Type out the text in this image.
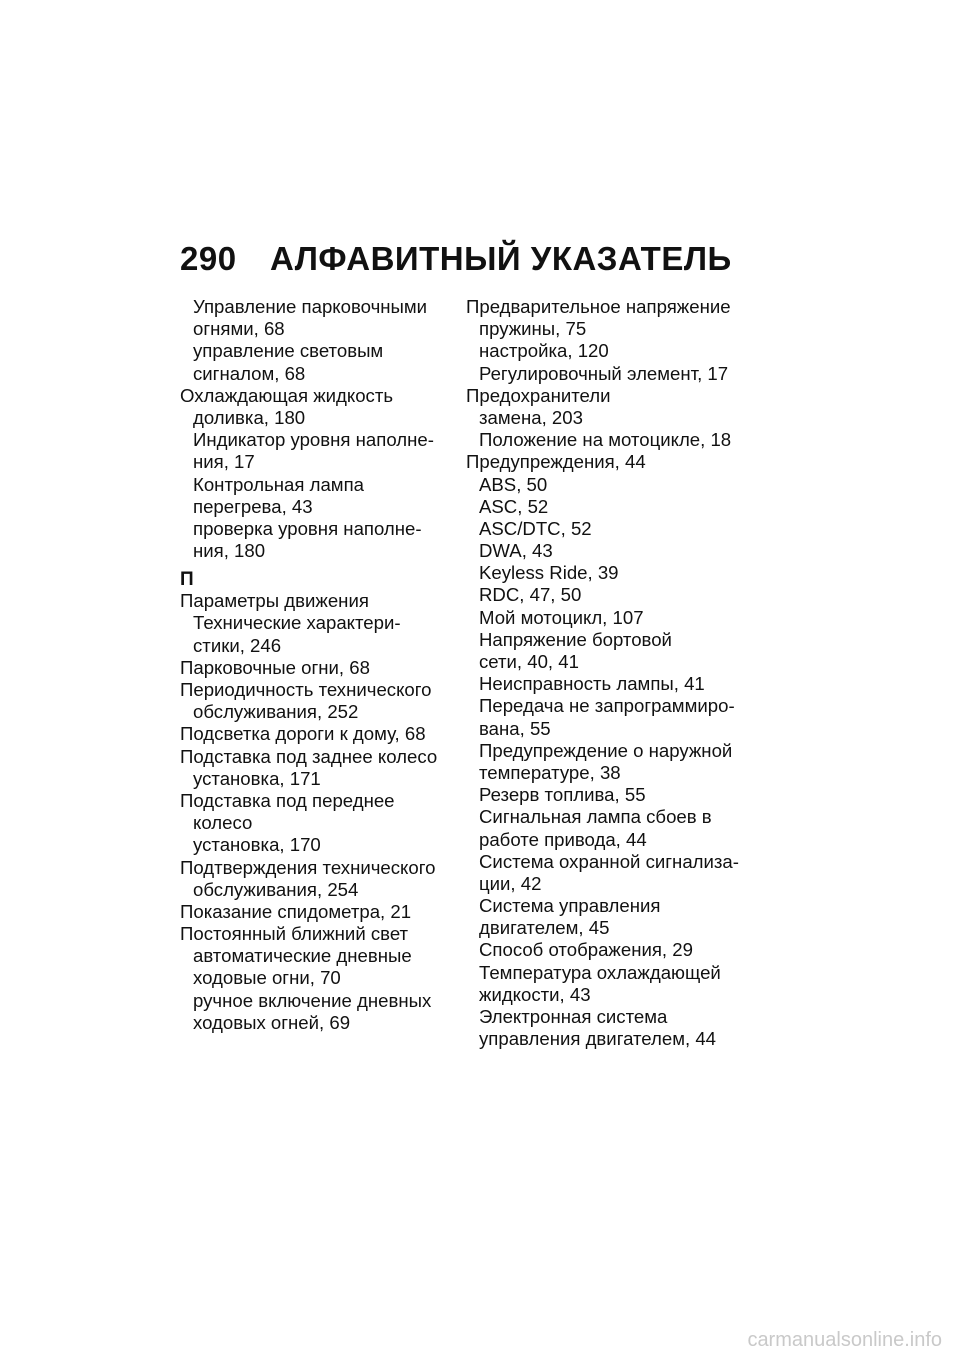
290 АЛФАВИТНЫЙ УКАЗАТЕЛЬ
Управление парковочными
огнями, 68
управление световым
сигналом, 68
Охлаждающая жидкость
доливка, 180
Индикатор уровня наполне-
ния, 17
Контрольная лампа
перегрева, 43
проверка уровня наполне-
ния, 180
П
Параметры движения
Технические характери-
стики, 246
Парковочные огни, 68
Периодичность технического
обслуживания, 252
Подсветка дороги к дому, 68
Подставка под заднее колесо
установка, 171
Подставка под переднее
колесо
установка, 170
Подтверждения технического
обслуживания, 254
Показание спидометра, 21
Постоянный ближний свет
автоматические дневные
ходовые огни, 70
ручное включение дневных
ходовых огней, 69
Предварительное напряжение
пружины, 75
настройка, 120
Регулировочный элемент, 17
Предохранители
замена, 203
Положение на мотоцикле, 18
Предупреждения, 44
ABS, 50
ASC, 52
ASC/DTC, 52
DWA, 43
Keyless Ride, 39
RDC, 47, 50
Мой мотоцикл, 107
Напряжение бортовой
сети, 40, 41
Неисправность лампы, 41
Передача не запрограммиро-
вана, 55
Предупреждение о наружной
температуре, 38
Резерв топлива, 55
Сигнальная лампа сбоев в
работе привода, 44
Система охранной сигнализа-
ции, 42
Система управления
двигателем, 45
Способ отображения, 29
Температура охлаждающей
жидкости, 43
Электронная система
управления двигателем, 44
carmanualsonline.info
